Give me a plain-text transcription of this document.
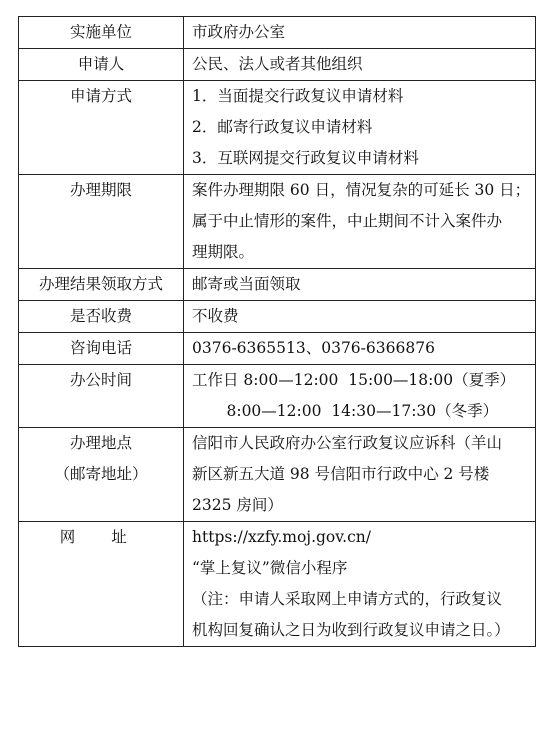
实施单位	市政府办公室
申请人	公民、法人或者其他组织
申请方式	1．当面提交行政复议申请材料
2．邮寄行政复议申请材料
3．互联网提交行政复议申请材料

办理期限	案件办理期限 60 日，情况复杂的可延长 30 日；
属于中止情形的案件，中止期间不计入案件办
理期限。

办理结果领取方式	邮寄或当面领取
是否收费	不收费
咨询电话	0376-6365513、0376-6366876
办公时间	工作日 8:00—12:00  15:00—18:00（夏季）
8:00—12:00  14:30—17:30（冬季）

办理地点
（邮寄地址）	信阳市人民政府办公室行政复议应诉科（羊山
新区新五大道 98 号信阳市行政中心 2 号楼
2325 房间）

网 址	https://xzfy.moj.gov.cn/
“掌上复议”微信小程序
（注：申请人采取网上申请方式的，行政复议
机构回复确认之日为收到行政复议申请之日。）
